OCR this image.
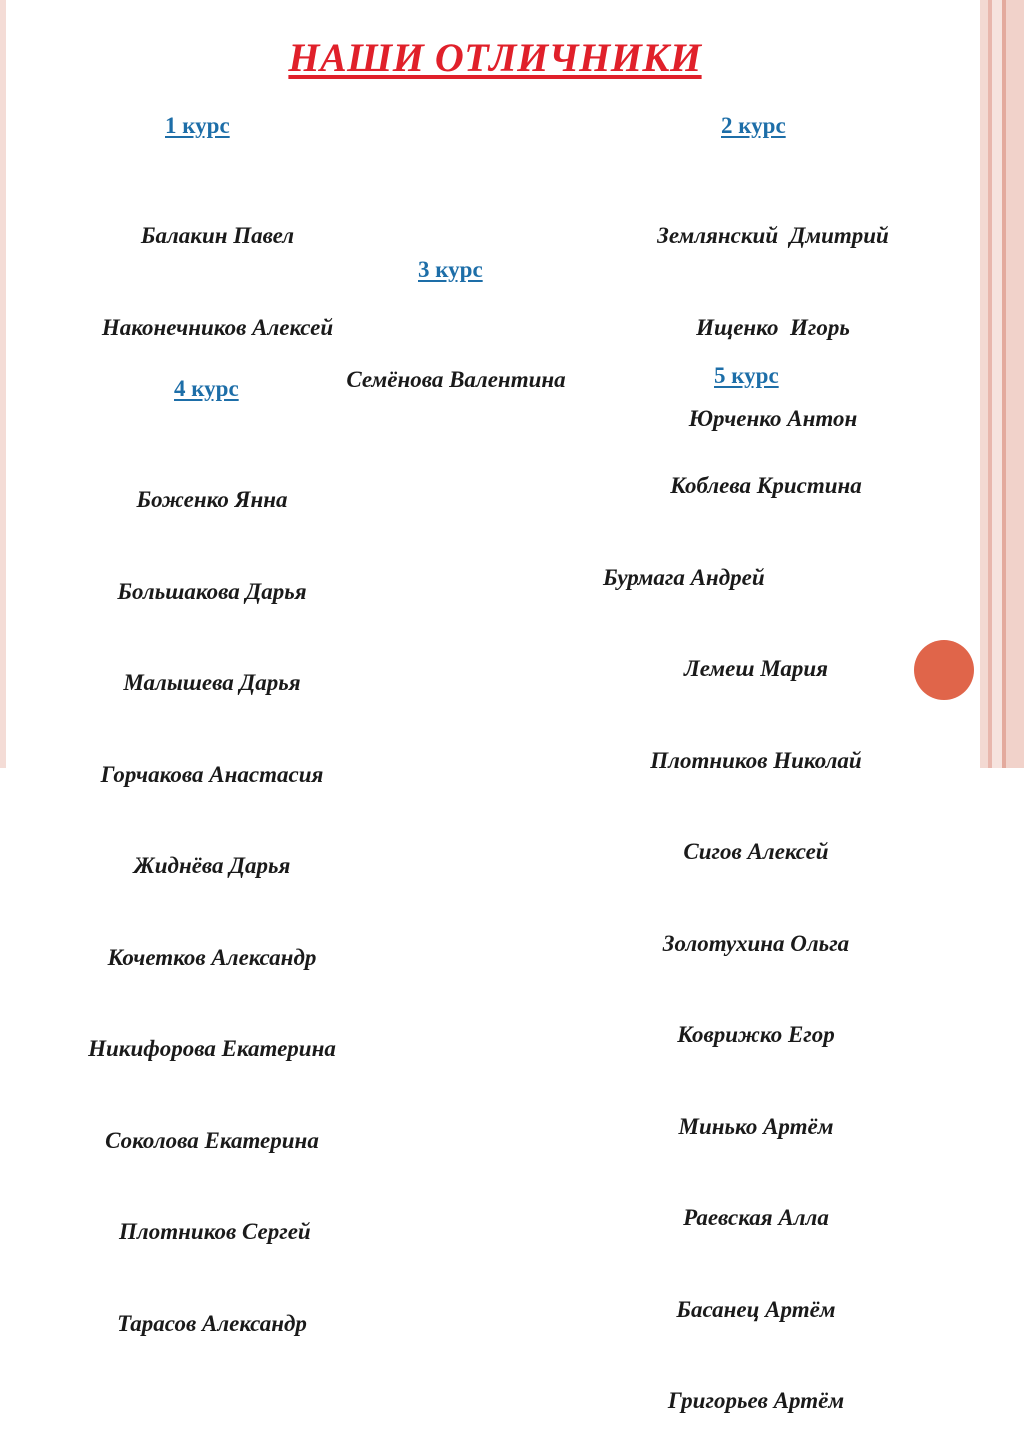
НАШИ ОТЛИЧНИКИ
1 курс

Балакин Павел

Наконечников Алексей

2 курс

Землянский  Дмитрий

Ищенко  Игорь

Юрченко Антон

3 курс

Семёнова Валентина

4 курс

Боженко Янна

Большакова Дарья

Малышева Дарья

Горчакова Анастасия

Жиднёва Дарья

Кочетков Александр

Никифорова Екатерина

Соколова Екатерина

Плотников Сергей

Тарасов Александр

5 курс

Коблева Кристина

Бурмага Андрей

Лемеш Мария

Плотников Николай

Сигов Алексей

Золотухина Ольга

Коврижко Егор

Минько Артём

Раевская Алла

Басанец Артём

Григорьев Артём
